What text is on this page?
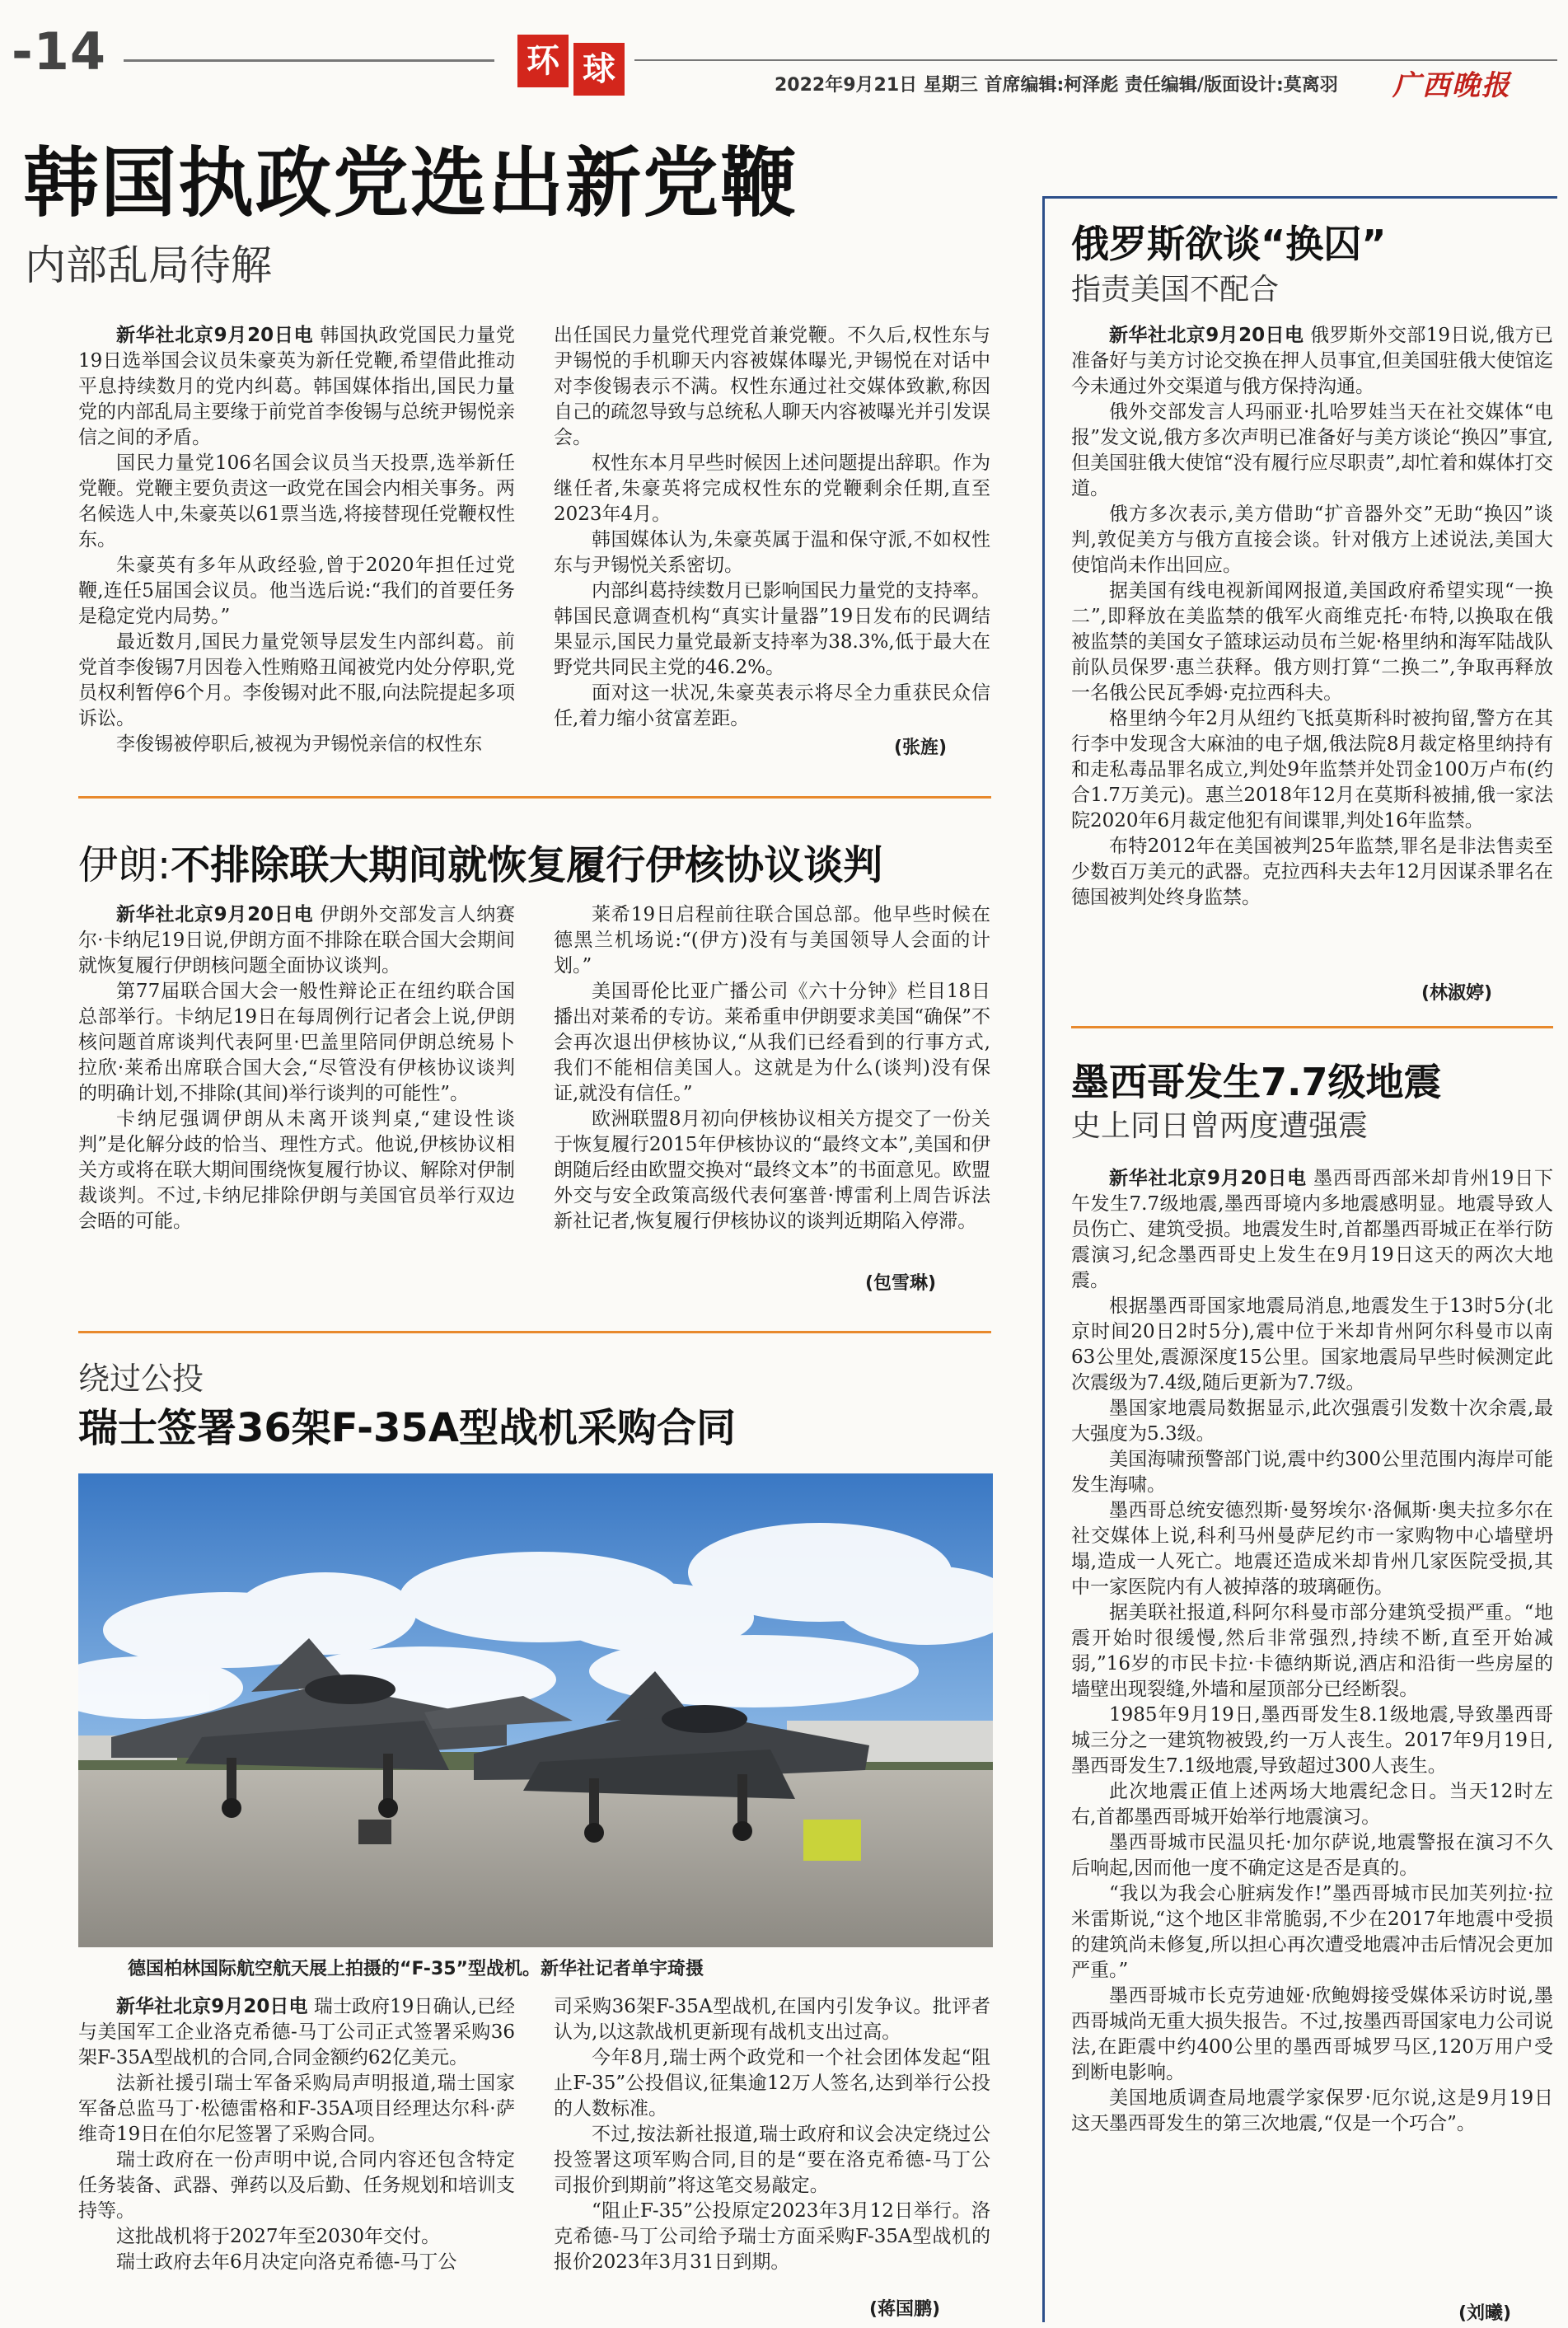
-14	环 球	2022年9月21日 星期三 首席编辑:柯泽彪 责任编辑/版面设计:莫离羽 广西晚报
韩国执政党选出新党鞭
内部乱局待解

新华社北京9月20日电 韩国执政党国民力量党19日选举国会议员朱豪英为新任党鞭,希望借此推动平息持续数月的党内纠葛。韩国媒体指出,国民力量党的内部乱局主要缘于前党首李俊锡与总统尹锡悦亲信之间的矛盾。

国民力量党106名国会议员当天投票,选举新任党鞭。党鞭主要负责这一政党在国会内相关事务。两名候选人中,朱豪英以61票当选,将接替现任党鞭权性东。

朱豪英有多年从政经验,曾于2020年担任过党鞭,连任5届国会议员。他当选后说:“我们的首要任务是稳定党内局势。”

最近数月,国民力量党领导层发生内部纠葛。前党首李俊锡7月因卷入性贿赂丑闻被党内处分停职,党员权利暂停6个月。李俊锡对此不服,向法院提起多项诉讼。

李俊锡被停职后,被视为尹锡悦亲信的权性东

出任国民力量党代理党首兼党鞭。不久后,权性东与尹锡悦的手机聊天内容被媒体曝光,尹锡悦在对话中对李俊锡表示不满。权性东通过社交媒体致歉,称因自己的疏忽导致与总统私人聊天内容被曝光并引发误会。

权性东本月早些时候因上述问题提出辞职。作为继任者,朱豪英将完成权性东的党鞭剩余任期,直至2023年4月。

韩国媒体认为,朱豪英属于温和保守派,不如权性东与尹锡悦关系密切。

内部纠葛持续数月已影响国民力量党的支持率。韩国民意调查机构“真实计量器”19日发布的民调结果显示,国民力量党最新支持率为38.3%,低于最大在野党共同民主党的46.2%。

面对这一状况,朱豪英表示将尽全力重获民众信任,着力缩小贫富差距。

(张旌)
伊朗:不排除联大期间就恢复履行伊核协议谈判

新华社北京9月20日电 伊朗外交部发言人纳赛尔·卡纳尼19日说,伊朗方面不排除在联合国大会期间就恢复履行伊朗核问题全面协议谈判。

第77届联合国大会一般性辩论正在纽约联合国总部举行。卡纳尼19日在每周例行记者会上说,伊朗核问题首席谈判代表阿里·巴盖里陪同伊朗总统易卜拉欣·莱希出席联合国大会,“尽管没有伊核协议谈判的明确计划,不排除(其间)举行谈判的可能性”。

卡纳尼强调伊朗从未离开谈判桌,“建设性谈判”是化解分歧的恰当、理性方式。他说,伊核协议相关方或将在联大期间围绕恢复履行协议、解除对伊制裁谈判。不过,卡纳尼排除伊朗与美国官员举行双边会晤的可能。

莱希19日启程前往联合国总部。他早些时候在德黑兰机场说:“(伊方)没有与美国领导人会面的计划。”

美国哥伦比亚广播公司《六十分钟》栏目18日播出对莱希的专访。莱希重申伊朗要求美国“确保”不会再次退出伊核协议,“从我们已经看到的行事方式,我们不能相信美国人。这就是为什么(谈判)没有保证,就没有信任。”

欧洲联盟8月初向伊核协议相关方提交了一份关于恢复履行2015年伊核协议的“最终文本”,美国和伊朗随后经由欧盟交换对“最终文本”的书面意见。欧盟外交与安全政策高级代表何塞普·博雷利上周告诉法新社记者,恢复履行伊核协议的谈判近期陷入停滞。

(包雪琳)
绕过公投
瑞士签署36架F-35A型战机采购合同
德国柏林国际航空航天展上拍摄的“F-35”型战机。新华社记者单宇琦摄

新华社北京9月20日电 瑞士政府19日确认,已经与美国军工企业洛克希德-马丁公司正式签署采购36架F-35A型战机的合同,合同金额约62亿美元。

法新社援引瑞士军备采购局声明报道,瑞士国家军备总监马丁·松德雷格和F-35A项目经理达尔科·萨维奇19日在伯尔尼签署了采购合同。

瑞士政府在一份声明中说,合同内容还包含特定任务装备、武器、弹药以及后勤、任务规划和培训支持等。

这批战机将于2027年至2030年交付。

瑞士政府去年6月决定向洛克希德-马丁公

司采购36架F-35A型战机,在国内引发争议。批评者认为,以这款战机更新现有战机支出过高。

今年8月,瑞士两个政党和一个社会团体发起“阻止F-35”公投倡议,征集逾12万人签名,达到举行公投的人数标准。

不过,按法新社报道,瑞士政府和议会决定绕过公投签署这项军购合同,目的是“要在洛克希德-马丁公司报价到期前”将这笔交易敲定。

“阻止F-35”公投原定2023年3月12日举行。洛克希德-马丁公司给予瑞士方面采购F-35A型战机的报价2023年3月31日到期。

(蒋国鹏)
俄罗斯欲谈“换囚”
指责美国不配合

新华社北京9月20日电 俄罗斯外交部19日说,俄方已准备好与美方讨论交换在押人员事宜,但美国驻俄大使馆迄今未通过外交渠道与俄方保持沟通。

俄外交部发言人玛丽亚·扎哈罗娃当天在社交媒体“电报”发文说,俄方多次声明已准备好与美方谈论“换囚”事宜,但美国驻俄大使馆“没有履行应尽职责”,却忙着和媒体打交道。

俄方多次表示,美方借助“扩音器外交”无助“换囚”谈判,敦促美方与俄方直接会谈。针对俄方上述说法,美国大使馆尚未作出回应。

据美国有线电视新闻网报道,美国政府希望实现“一换二”,即释放在美监禁的俄军火商维克托·布特,以换取在俄被监禁的美国女子篮球运动员布兰妮·格里纳和海军陆战队前队员保罗·惠兰获释。俄方则打算“二换二”,争取再释放一名俄公民瓦季姆·克拉西科夫。

格里纳今年2月从纽约飞抵莫斯科时被拘留,警方在其行李中发现含大麻油的电子烟,俄法院8月裁定格里纳持有和走私毒品罪名成立,判处9年监禁并处罚金100万卢布(约合1.7万美元)。惠兰2018年12月在莫斯科被捕,俄一家法院2020年6月裁定他犯有间谍罪,判处16年监禁。

布特2012年在美国被判25年监禁,罪名是非法售卖至少数百万美元的武器。克拉西科夫去年12月因谋杀罪名在德国被判处终身监禁。

(林淑婷)
墨西哥发生7.7级地震
史上同日曾两度遭强震

新华社北京9月20日电 墨西哥西部米却肯州19日下午发生7.7级地震,墨西哥境内多地震感明显。地震导致人员伤亡、建筑受损。地震发生时,首都墨西哥城正在举行防震演习,纪念墨西哥史上发生在9月19日这天的两次大地震。

根据墨西哥国家地震局消息,地震发生于13时5分(北京时间20日2时5分),震中位于米却肯州阿尔科曼市以南63公里处,震源深度15公里。国家地震局早些时候测定此次震级为7.4级,随后更新为7.7级。

墨国家地震局数据显示,此次强震引发数十次余震,最大强度为5.3级。

美国海啸预警部门说,震中约300公里范围内海岸可能发生海啸。

墨西哥总统安德烈斯·曼努埃尔·洛佩斯·奥夫拉多尔在社交媒体上说,科利马州曼萨尼约市一家购物中心墙壁坍塌,造成一人死亡。地震还造成米却肯州几家医院受损,其中一家医院内有人被掉落的玻璃砸伤。

据美联社报道,科阿尔科曼市部分建筑受损严重。“地震开始时很缓慢,然后非常强烈,持续不断,直至开始减弱,”16岁的市民卡拉·卡德纳斯说,酒店和沿街一些房屋的墙壁出现裂缝,外墙和屋顶部分已经断裂。

1985年9月19日,墨西哥发生8.1级地震,导致墨西哥城三分之一建筑物被毁,约一万人丧生。2017年9月19日,墨西哥发生7.1级地震,导致超过300人丧生。

此次地震正值上述两场大地震纪念日。当天12时左右,首都墨西哥城开始举行地震演习。

墨西哥城市民温贝托·加尔萨说,地震警报在演习不久后响起,因而他一度不确定这是否是真的。

“我以为我会心脏病发作!”墨西哥城市民加芙列拉·拉米雷斯说,“这个地区非常脆弱,不少在2017年地震中受损的建筑尚未修复,所以担心再次遭受地震冲击后情况会更加严重。”

墨西哥城市长克劳迪娅·欣鲍姆接受媒体采访时说,墨西哥城尚无重大损失报告。不过,按墨西哥国家电力公司说法,在距震中约400公里的墨西哥城罗马区,120万用户受到断电影响。

美国地质调查局地震学家保罗·厄尔说,这是9月19日这天墨西哥发生的第三次地震,“仅是一个巧合”。

(刘曦)
